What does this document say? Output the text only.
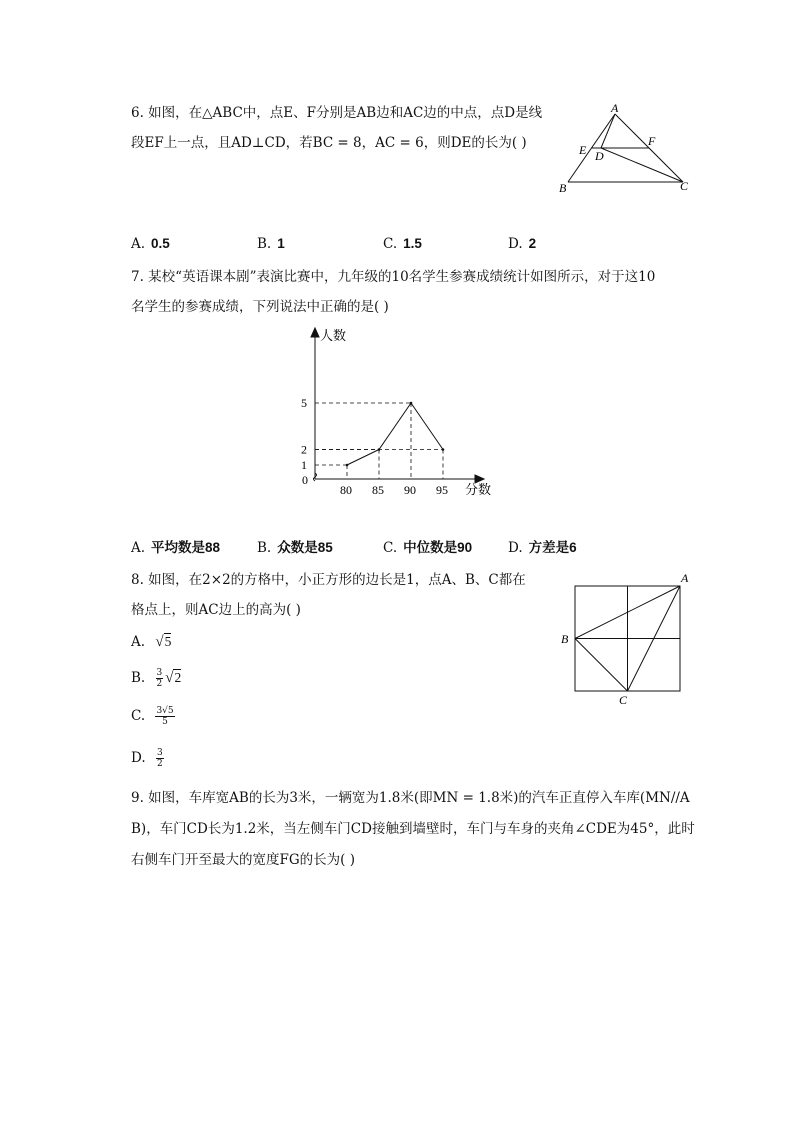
6. 如图，在△ABC中，点E、F分别是AB边和AC边的中点，点D是线
段EF上一点，且AD⊥CD，若BC = 8，AC = 6，则DE的长为( )
A
B	C
D
E
F
A. 0.5	B. 1	C. 1.5	D. 2
7. 某校“英语课本剧”表演比赛中，九年级的10名学生参赛成绩统计如图所示，对于这10
名学生的参赛成绩，下列说法中正确的是( )
80 85 90 95
1
2
5
人数
分数
0
A. 平均数是88	B. 众数是85	C. 中位数是90	D. 方差是6
8. 如图，在2×2的方格中，小正方形的边长是1，点A、B、C都在
格点上，则AC边上的高为( )
A
B
C
A. √5
B. $\frac{3}{2} √2$
C. $\frac{3√5}{5}$
D. $\frac{3}{2}$
9. 如图，车库宽AB的长为3米，一辆宽为1.8米(即MN = 1.8米)的汽车正直停入车库(MN//A
B)，车门CD长为1.2米，当左侧车门CD接触到墙壁时，车门与车身的夹角∠CDE为45°，此时
右侧车门开至最大的宽度FG的长为( )
